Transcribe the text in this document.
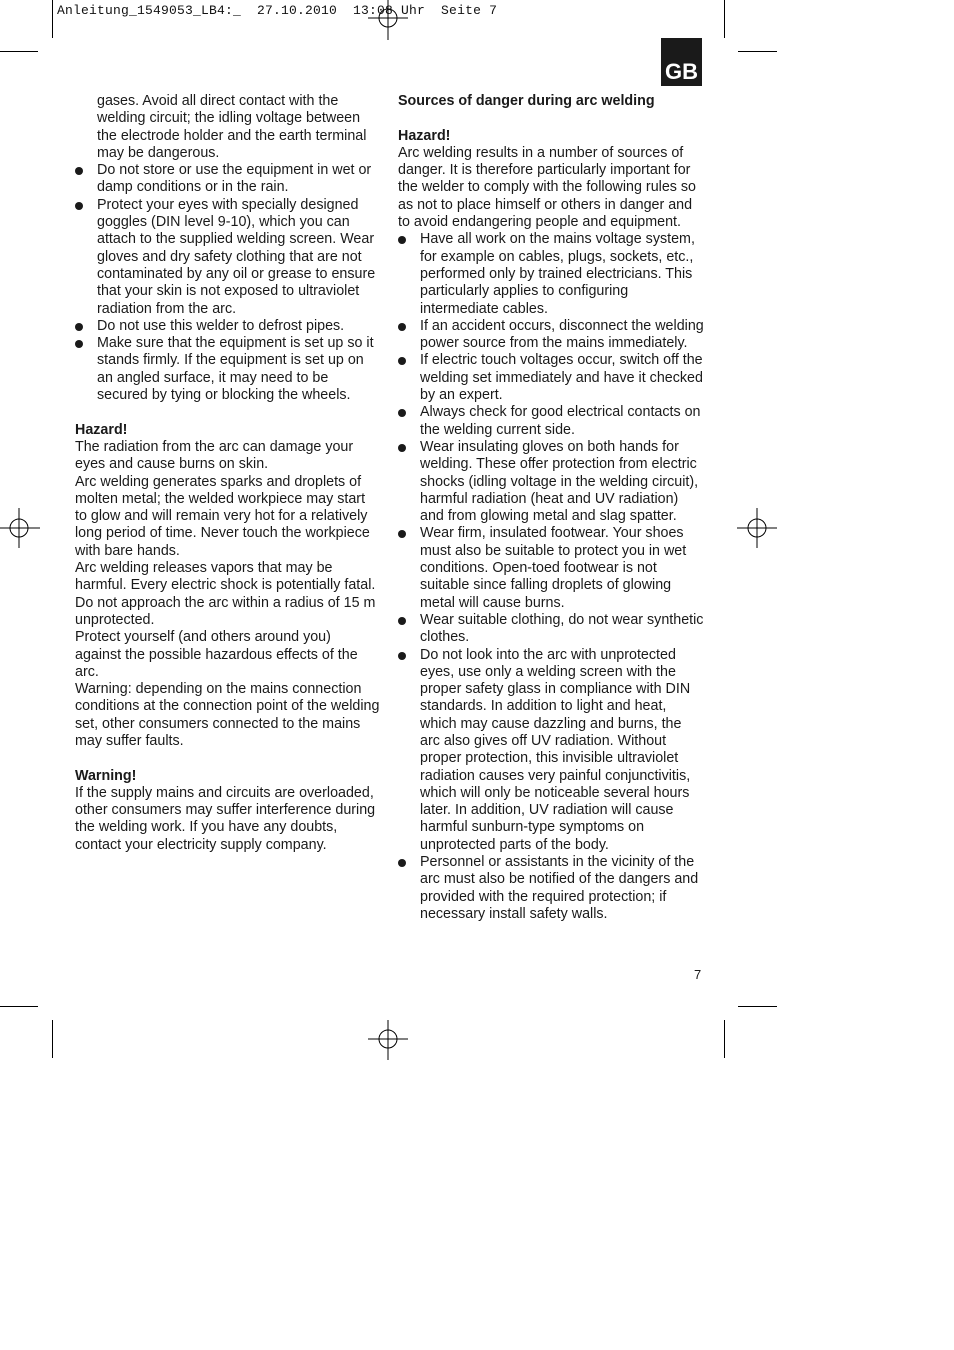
Anleitung_1549053_LB4:_  27.10.2010  13:08 Uhr  Seite 7
GB

gases. Avoid all direct contact with the welding circuit; the idling voltage between the electrode holder and the earth terminal may be dangerous.

Do not store or use the equipment in wet or damp conditions or in the rain.
Protect your eyes with specially designed goggles (DIN level 9-10), which you can attach to the supplied welding screen. Wear gloves and dry safety clothing that are not contaminated by any oil or grease to ensure that your skin is not exposed to ultraviolet radiation from the arc.
Do not use this welder to defrost pipes.
Make sure that the equipment is set up so it stands firmly. If the equipment is set up on an angled surface, it may need to be secured by tying or blocking the wheels.
Hazard!

The radiation from the arc can damage your eyes and cause burns on skin.

Arc welding generates sparks and droplets of molten metal; the welded workpiece may start to glow and will remain very hot for a relatively long period of time. Never touch the workpiece with bare hands.

Arc welding releases vapors that may be harmful. Every electric shock is potentially fatal. Do not approach the arc within a radius of 15 m unprotected.

Protect yourself (and others around you) against the possible hazardous effects of the arc.

Warning: depending on the mains connection conditions at the connection point of the welding set, other consumers connected to the mains may suffer faults.

Warning!

If the supply mains and circuits are overloaded, other consumers may suffer interference during the welding work. If you have any doubts, contact your electricity supply company.

Sources of danger during arc welding
Hazard!

Arc welding results in a number of sources of danger. It is therefore particularly important for the welder to comply with the following rules so as not to place himself or others in danger and to avoid endangering people and equipment.

Have all work on the mains voltage system, for example on cables, plugs, sockets, etc., performed only by trained electricians. This particularly applies to configuring intermediate cables.
If an accident occurs, disconnect the welding power source from the mains immediately.
If electric touch voltages occur, switch off the welding set immediately and have it checked by an expert.
Always check for good electrical contacts on the welding current side.
Wear insulating gloves on both hands for welding. These offer protection from electric shocks (idling voltage in the welding circuit), harmful radiation (heat and UV radiation) and from glowing metal and slag spatter.
Wear firm, insulated footwear. Your shoes must also be suitable to protect you in wet conditions. Open-toed footwear is not suitable since falling droplets of glowing metal will cause burns.
Wear suitable clothing, do not wear synthetic clothes.
Do not look into the arc with unprotected eyes, use only a welding screen with the proper safety glass in compliance with DIN standards. In addition to light and heat, which may cause dazzling and burns, the arc also gives off UV radiation. Without proper protection, this invisible ultraviolet radiation causes very painful conjunctivitis, which will only be noticeable several hours later. In addition, UV radiation will cause harmful sunburn-type symptoms on unprotected parts of the body.
Personnel or assistants in the vicinity of the arc must also be notified of the dangers and provided with the required protection; if necessary install safety walls.
7
